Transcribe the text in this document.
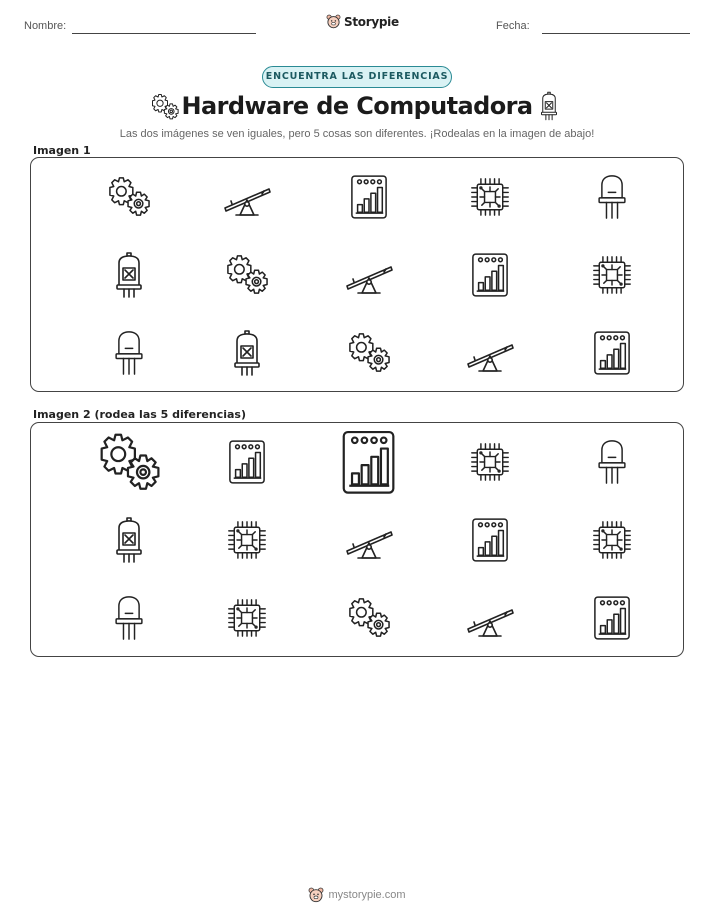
Nombre:	Storypie	Fecha:
ENCUENTRA LAS DIFERENCIAS
Hardware de Computadora
Las dos imágenes se ven iguales, pero 5 cosas son diferentes. ¡Rodealas en la imagen de abajo!
Imagen 1
Imagen 2 (rodea las 5 diferencias)
mystorypie.com
